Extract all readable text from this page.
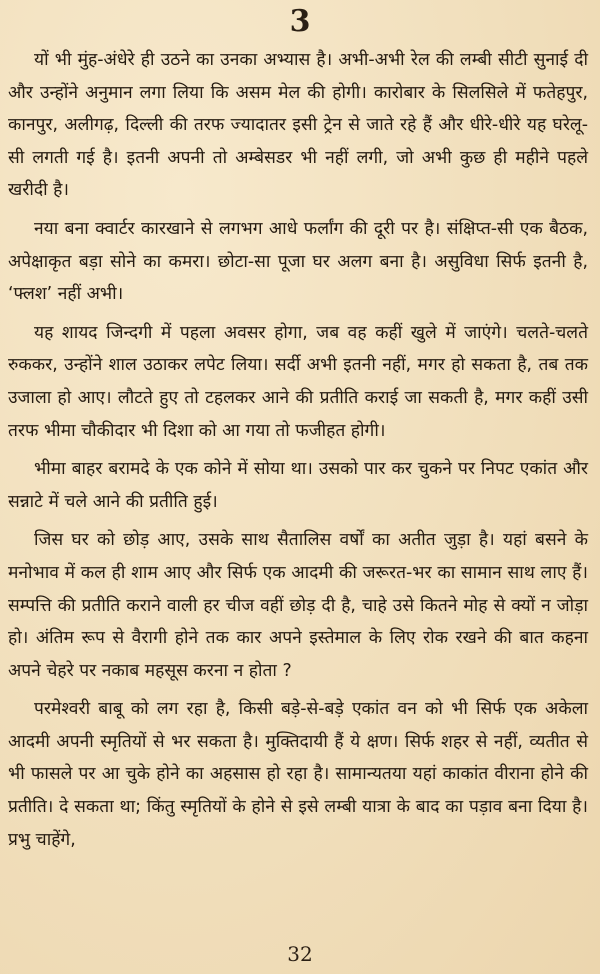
3

यों भी मुंह-अंधेरे ही उठने का उनका अभ्यास है। अभी-अभी रेल की लम्बी सीटी सुनाई दी और उन्होंने अनुमान लगा लिया कि असम मेल की होगी। कारोबार के सिलसिले में फतेहपुर, कानपुर, अलीगढ़, दिल्ली की तरफ ज्यादातर इसी ट्रेन से जाते रहे हैं और धीरे-धीरे यह घरेलू-सी लगती गई है। इतनी अपनी तो अम्बेसडर भी नहीं लगी, जो अभी कुछ ही महीने पहले खरीदी है।

नया बना क्वार्टर कारखाने से लगभग आधे फर्लांग की दूरी पर है। संक्षिप्त-सी एक बैठक, अपेक्षाकृत बड़ा सोने का कमरा। छोटा-सा पूजा घर अलग बना है। असुविधा सिर्फ इतनी है, ‘फ्लश’ नहीं अभी।

यह शायद जिन्दगी में पहला अवसर होगा, जब वह कहीं खुले में जाएंगे। चलते-चलते रुककर, उन्होंने शाल उठाकर लपेट लिया। सर्दी अभी इतनी नहीं, मगर हो सकता है, तब तक उजाला हो आए। लौटते हुए तो टहलकर आने की प्रतीति कराई जा सकती है, मगर कहीं उसी तरफ भीमा चौकीदार भी दिशा को आ गया तो फजीहत होगी।

भीमा बाहर बरामदे के एक कोने में सोया था। उसको पार कर चुकने पर निपट एकांत और सन्नाटे में चले आने की प्रतीति हुई।

जिस घर को छोड़ आए, उसके साथ सैतालिस वर्षों का अतीत जुड़ा है। यहां बसने के मनोभाव में कल ही शाम आए और सिर्फ एक आदमी की जरूरत-भर का सामान साथ लाए हैं। सम्पत्ति की प्रतीति कराने वाली हर चीज वहीं छोड़ दी है, चाहे उसे कितने मोह से क्यों न जोड़ा हो। अंतिम रूप से वैरागी होने तक कार अपने इस्तेमाल के लिए रोक रखने की बात कहना अपने चेहरे पर नकाब महसूस करना न होता ?

परमेश्वरी बाबू को लग रहा है, किसी बड़े-से-बड़े एकांत वन को भी सिर्फ एक अकेला आदमी अपनी स्मृतियों से भर सकता है। मुक्तिदायी हैं ये क्षण। सिर्फ शहर से नहीं, व्यतीत से भी फासले पर आ चुके होने का अहसास हो रहा है। सामान्यतया यहां काकांत वीराना होने की प्रतीति। दे सकता था; किंतु स्मृतियों के होने से इसे लम्बी यात्रा के बाद का पड़ाव बना दिया है। प्रभु चाहेंगे,

32
